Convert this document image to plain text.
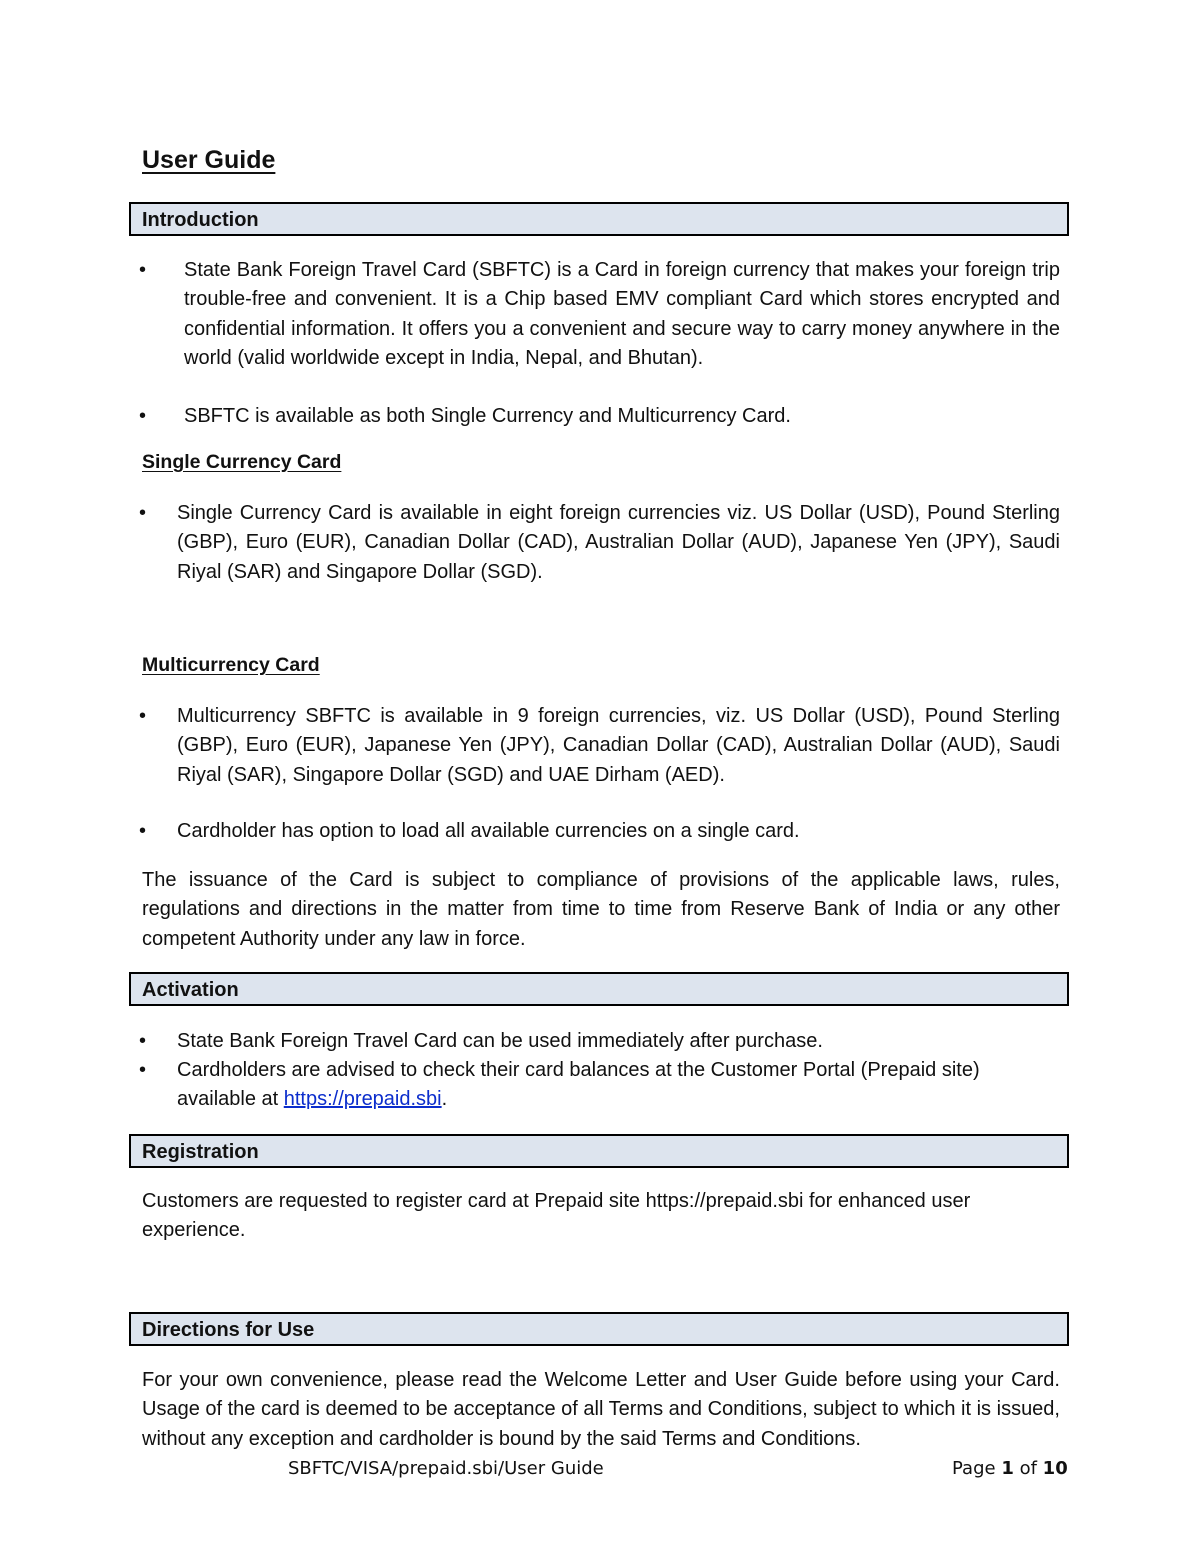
User Guide
Introduction
• State Bank Foreign Travel Card (SBFTC) is a Card in foreign currency that makes your foreign trip trouble-free and convenient. It is a Chip based EMV compliant Card which stores encrypted and confidential information. It offers you a convenient and secure way to carry money anywhere in the world (valid worldwide except in India, Nepal, and Bhutan).
• SBFTC is available as both Single Currency and Multicurrency Card.
Single Currency Card
• Single Currency Card is available in eight foreign currencies viz. US Dollar (USD), Pound Sterling (GBP), Euro (EUR), Canadian Dollar (CAD), Australian Dollar (AUD), Japanese Yen (JPY), Saudi Riyal (SAR) and Singapore Dollar (SGD).
Multicurrency Card
• Multicurrency SBFTC is available in 9 foreign currencies, viz. US Dollar (USD), Pound Sterling (GBP), Euro (EUR), Japanese Yen (JPY), Canadian Dollar (CAD), Australian Dollar (AUD), Saudi Riyal (SAR), Singapore Dollar (SGD) and UAE Dirham (AED).
• Cardholder has option to load all available currencies on a single card.
The issuance of the Card is subject to compliance of provisions of the applicable laws, rules, regulations and directions in the matter from time to time from Reserve Bank of India or any other competent Authority under any law in force.
Activation
• State Bank Foreign Travel Card can be used immediately after purchase.
• Cardholders are advised to check their card balances at the Customer Portal (Prepaid site) available at https://prepaid.sbi.
Registration
Customers are requested to register card at Prepaid site https://prepaid.sbi for enhanced user experience.
Directions for Use
For your own convenience, please read the Welcome Letter and User Guide before using your Card. Usage of the card is deemed to be acceptance of all Terms and Conditions, subject to which it is issued, without any exception and cardholder is bound by the said Terms and Conditions.
SBFTC/VISA/prepaid.sbi/User Guide	Page 1 of 10
